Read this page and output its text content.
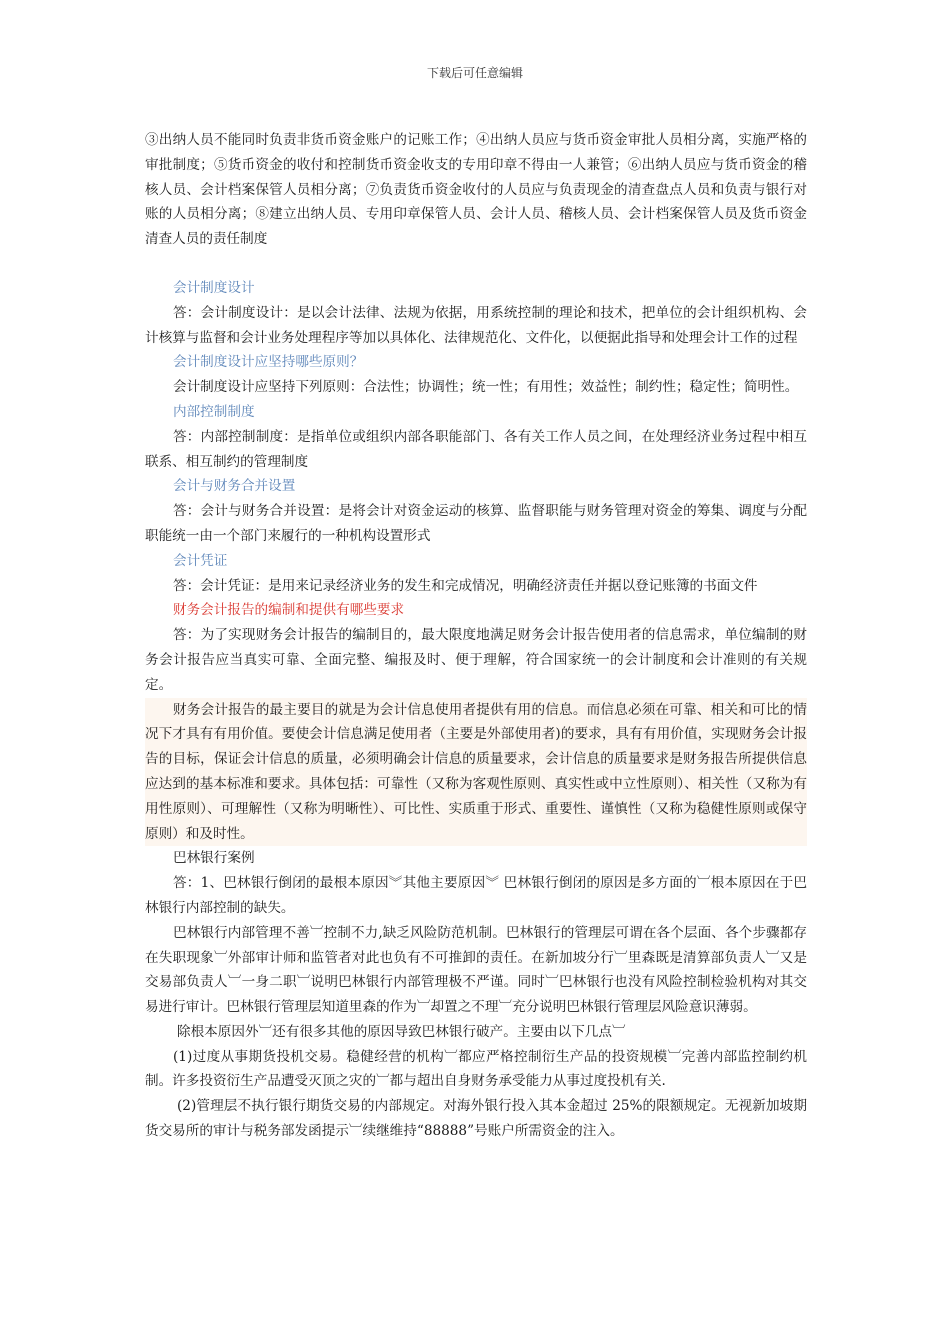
下载后可任意编辑

③出纳人员不能同时负责非货币资金账户的记账工作；④出纳人员应与货币资金审批人员相分离，实施严格的审批制度；⑤货币资金的收付和控制货币资金收支的专用印章不得由一人兼管；⑥出纳人员应与货币资金的稽核人员、会计档案保管人员相分离；⑦负责货币资金收付的人员应与负责现金的清查盘点人员和负责与银行对账的人员相分离；⑧建立出纳人员、专用印章保管人员、会计人员、稽核人员、会计档案保管人员及货币资金清查人员的责任制度

会计制度设计

答：会计制度设计：是以会计法律、法规为依据，用系统控制的理论和技术，把单位的会计组织机构、会计核算与监督和会计业务处理程序等加以具体化、法律规范化、文件化，以便据此指导和处理会计工作的过程

会计制度设计应坚持哪些原则？

会计制度设计应坚持下列原则：合法性；协调性；统一性；有用性；效益性；制约性；稳定性；简明性。

内部控制制度

答：内部控制制度：是指单位或组织内部各职能部门、各有关工作人员之间，在处理经济业务过程中相互联系、相互制约的管理制度

会计与财务合并设置

答：会计与财务合并设置：是将会计对资金运动的核算、监督职能与财务管理对资金的筹集、调度与分配职能统一由一个部门来履行的一种机构设置形式

会计凭证

答：会计凭证：是用来记录经济业务的发生和完成情况，明确经济责任并据以登记账簿的书面文件

财务会计报告的编制和提供有哪些要求

答：为了实现财务会计报告的编制目的，最大限度地满足财务会计报告使用者的信息需求，单位编制的财务会计报告应当真实可靠、全面完整、编报及时、便于理解，符合国家统一的会计制度和会计准则的有关规定。

财务会计报告的最主要目的就是为会计信息使用者提供有用的信息。而信息必须在可靠、相关和可比的情况下才具有有用价值。要使会计信息满足使用者（主要是外部使用者)的要求，具有有用价值，实现财务会计报告的目标，保证会计信息的质量，必须明确会计信息的质量要求，会计信息的质量要求是财务报告所提供信息应达到的基本标准和要求。具体包括：可靠性（又称为客观性原则、真实性或中立性原则）、相关性（又称为有用性原则）、可理解性（又称为明晰性）、可比性、实质重于形式、重要性、谨慎性（又称为稳健性原则或保守原则）和及时性。

巴林银行案例

答：1、巴林银行倒闭的最根本原因︾其他主要原因︾ 巴林银行倒闭的原因是多方面的︺根本原因在于巴林银行内部控制的缺失。

巴林银行内部管理不善︺控制不力,缺乏风险防范机制。巴林银行的管理层可谓在各个层面、各个步骤都存在失职现象︺外部审计师和监管者对此也负有不可推卸的责任。在新加坡分行︺里森既是清算部负责人︺又是交易部负责人︺一身二职︺说明巴林银行内部管理极不严谨。同时︺巴林银行也没有风险控制检验机构对其交易进行审计。巴林银行管理层知道里森的作为︺却置之不理︺充分说明巴林银行管理层风险意识薄弱。

除根本原因外︺还有很多其他的原因导致巴林银行破产。主要由以下几点︺

(1)过度从事期货投机交易。稳健经营的机构︺都应严格控制衍生产品的投资规模︺完善内部监控制约机制。许多投资衍生产品遭受灭顶之灾的︺都与超出自身财务承受能力从事过度投机有关.

(2)管理层不执行银行期货交易的内部规定。对海外银行投入其本金超过 25%的限额规定。无视新加坡期货交易所的审计与税务部发函提示︺续继维持“88888”号账户所需资金的注入。
